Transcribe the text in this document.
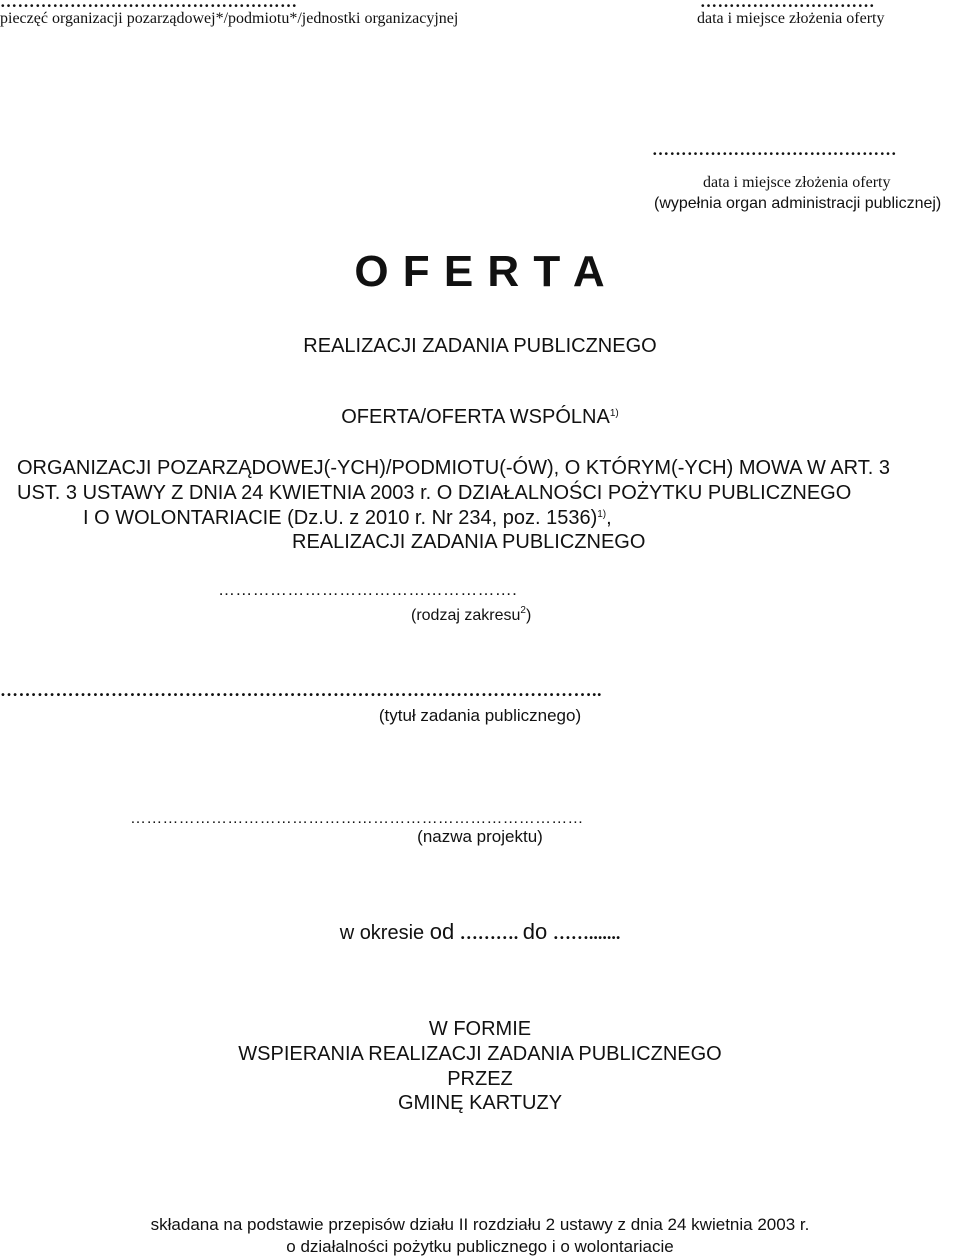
……………………………………………
pieczęć organizacji pozarządowej*/podmiotu*/jednostki organizacyjnej
…………………………
data i miejsce złożenia oferty
……………………………………
data i miejsce złożenia oferty
(wypełnia organ administracji publicznej)
O F E R T A
REALIZACJI ZADANIA PUBLICZNEGO
OFERTA/OFERTA WSPÓLNA$^{1)}$
ORGANIZACJI POZARZĄDOWEJ(-YCH)/PODMIOTU(-ÓW), O KTÓRYM(-YCH) MOWA W ART. 3
UST. 3 USTAWY Z DNIA 24 KWIETNIA 2003 r. O DZIAŁALNOŚCI POŻYTKU PUBLICZNEGO
I O WOLONTARIACIE (Dz.U. z 2010 r. Nr 234, poz. 1536)$^{1)}$,
REALIZACJI ZADANIA PUBLICZNEGO
…………………………………………….
(rodzaj zakresu$^2$)
……………………………………………………………………………………..
(tytuł zadania publicznego)
…………………………………………………………………………
(nazwa projektu)
w okresie od ………. do …….......
W FORMIE
WSPIERANIA REALIZACJI ZADANIA PUBLICZNEGO
PRZEZ
GMINĘ KARTUZY
składana na podstawie przepisów działu II rozdziału 2 ustawy z dnia 24 kwietnia 2003 r.
o działalności pożytku publicznego i o wolontariacie
